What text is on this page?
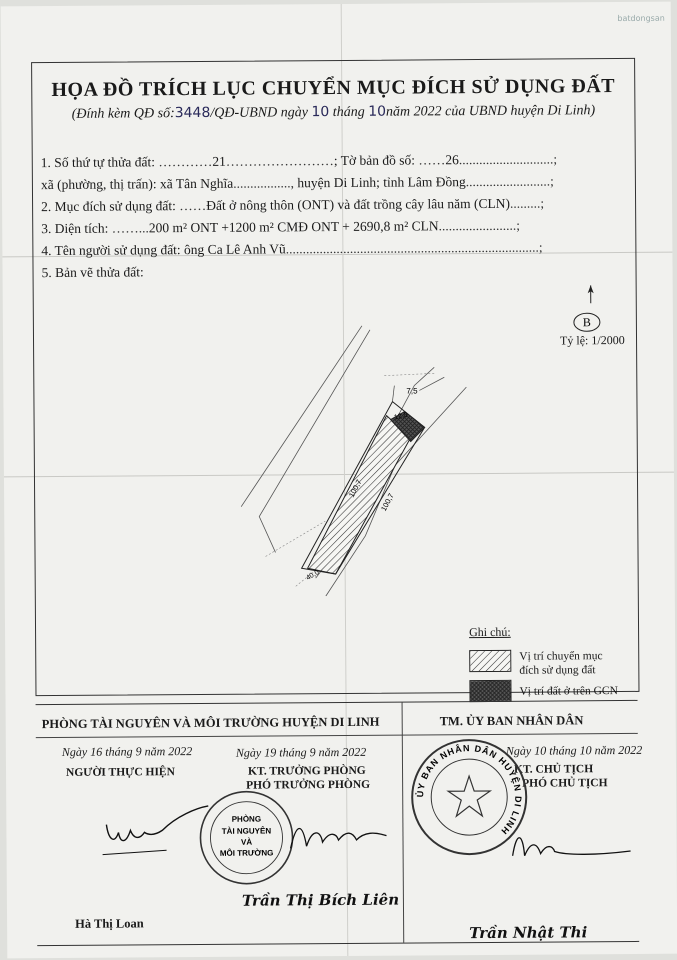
batdongsan
HỌA ĐỒ TRÍCH LỤC CHUYỂN MỤC ĐÍCH SỬ DỤNG ĐẤT
(Đính kèm QĐ số:3448/QĐ-UBND ngày 10 tháng 10năm 2022 của UBND huyện Di Linh)
1. Số thứ tự thửa đất: …………21……………………; Tờ bản đồ số: ……26............................;
xã (phường, thị trấn): xã Tân Nghĩa................., huyện Di Linh; tỉnh Lâm Đồng.........................;
2. Mục đích sử dụng đất: ……Đất ở nông thôn (ONT) và đất trồng cây lâu năm (CLN).........;
3. Diện tích: ……...200 m² ONT +1200 m² CMĐ ONT + 2690,8 m² CLN.......................;
4. Tên người sử dụng đất: ông Ca Lê Anh Vũ...........................................................................;
5. Bản vẽ thửa đất:
B
Tỷ lệ: 1/2000
7,5
12,0
100,7
100,7
40,0
Ghi chú:
Vị trí chuyển mục
đích sử dụng đất
Vị trí đất ở trên GCN
PHÒNG TÀI NGUYÊN VÀ MÔI TRƯỜNG HUYỆN DI LINH	TM. ỦY BAN NHÂN DÂN
Ngày 16 tháng 9 năm 2022
NGƯỜI THỰC HIỆN
Hà Thị Loan
Ngày 19 tháng 9 năm 2022
KT. TRƯỞNG PHÒNG
PHÓ TRƯỞNG PHÒNG
PHÒNG
TÀI NGUYÊN
VÀ
MÔI TRƯỜNG
Trần Thị Bích Liên
Ngày 10 tháng 10 năm 2022
KT. CHỦ TỊCH
PHÓ CHỦ TỊCH
ỦY BAN NHÂN DÂN HUYỆN DI LINH
Trần Nhật Thi
